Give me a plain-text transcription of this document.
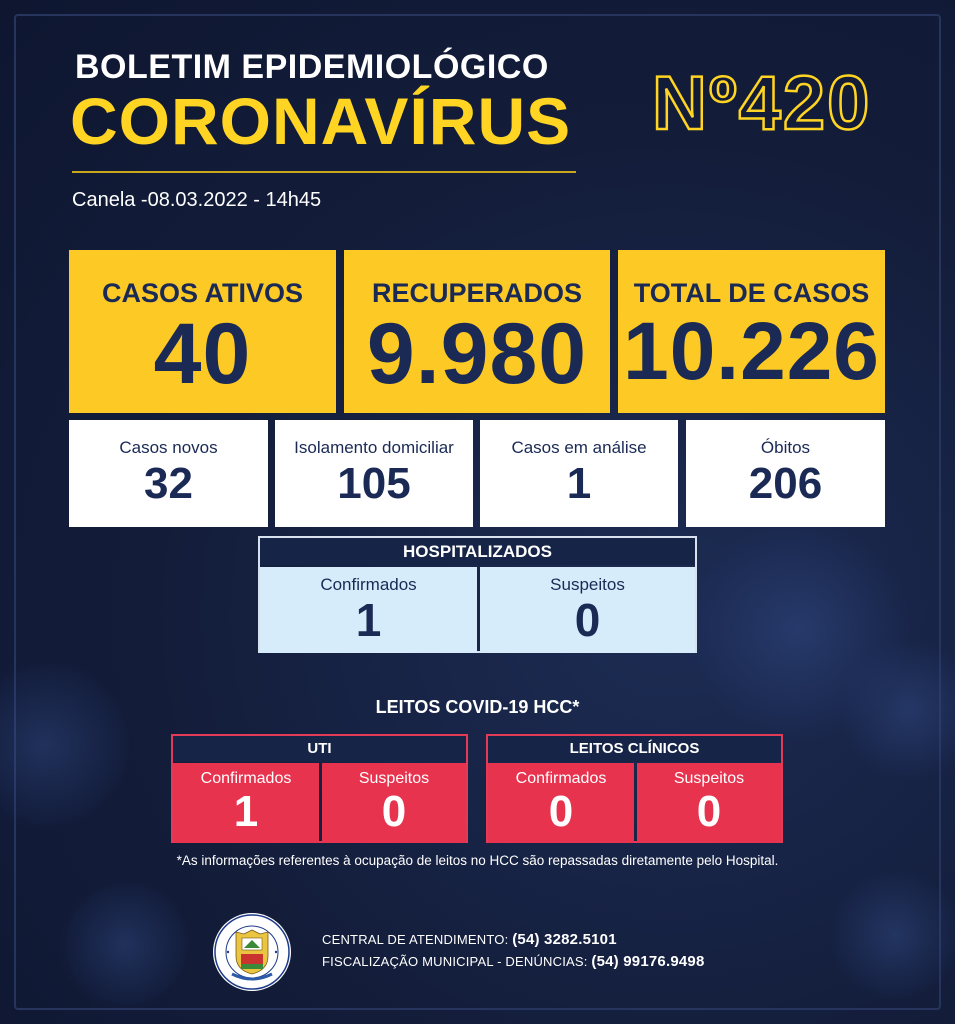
BOLETIM EPIDEMIOLÓGICO
CORONAVÍRUS
Canela -08.03.2022 - 14h45
Nº420
CASOS ATIVOS
40
RECUPERADOS
9.980
TOTAL DE CASOS
10.226
Casos novos
32
Isolamento domiciliar
105
Casos em análise
1
Óbitos
206
HOSPITALIZADOS
Confirmados
1
Suspeitos
0
LEITOS COVID-19 HCC*
UTI
Confirmados
1
Suspeitos
0
LEITOS CLÍNICOS
Confirmados
0
Suspeitos
0
*As informações referentes à ocupação de leitos no HCC são repassadas diretamente pelo Hospital.
CENTRAL DE ATENDIMENTO: (54) 3282.5101
FISCALIZAÇÃO MUNICIPAL - DENÚNCIAS: (54) 99176.9498
